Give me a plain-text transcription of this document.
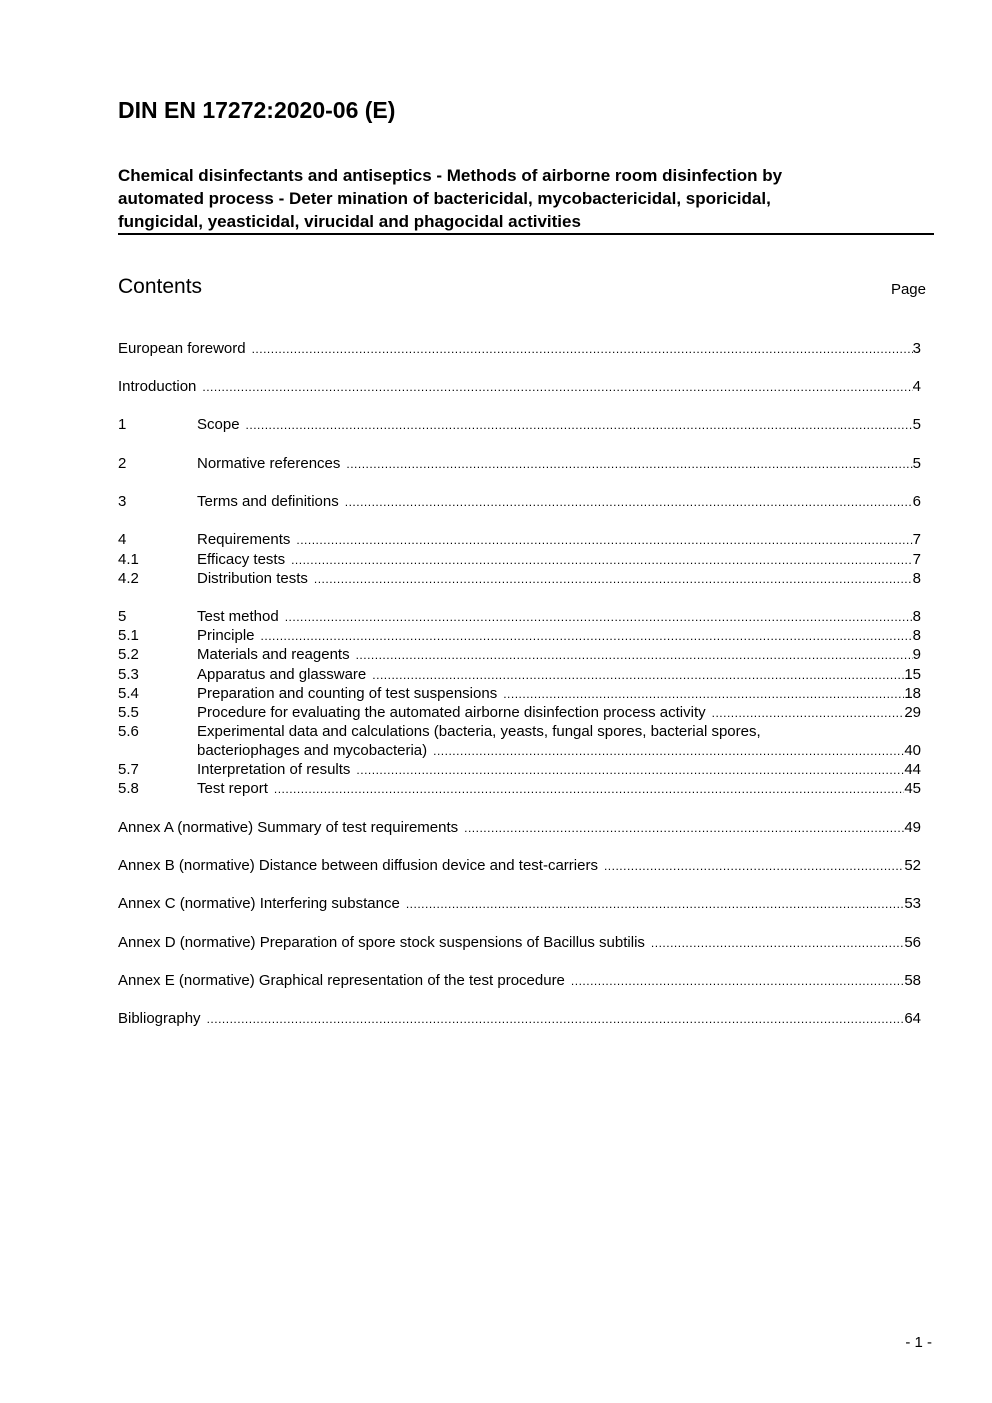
DIN EN 17272:2020-06 (E)
Chemical disinfectants and antiseptics - Methods of airborne room disinfection by
automated process - Deter mination of bactericidal, mycobactericidal, sporicidal,
fungicidal, yeasticidal, virucidal and phagocidal activities
Contents	Page
European foreword .....	3
Introduction .....	4
1	Scope .....	5
2	Normative references .....	5
3	Terms and definitions .....	6
4	Requirements .....	7
4.1	Efficacy tests .....	7
4.2	Distribution tests .....	8
5	Test method .....	8
5.1	Principle .....	8
5.2	Materials and reagents .....	9
5.3	Apparatus and glassware .....	15
5.4	Preparation and counting of test suspensions .....	18
5.5	Procedure for evaluating the automated airborne disinfection process activity .....	29
5.6	Experimental data and calculations (bacteria, yeasts, fungal spores, bacterial spores,
bacteriophages and mycobacteria) .....	40
5.7	Interpretation of results .....	44
5.8	Test report .....	45
Annex A (normative) Summary of test requirements .....	49
Annex B (normative) Distance between diffusion device and test-carriers .....	52
Annex C (normative) Interfering substance .....	53
Annex D (normative) Preparation of spore stock suspensions of Bacillus subtilis .....	56
Annex E (normative) Graphical representation of the test procedure .....	58
Bibliography .....	64
- 1 -
